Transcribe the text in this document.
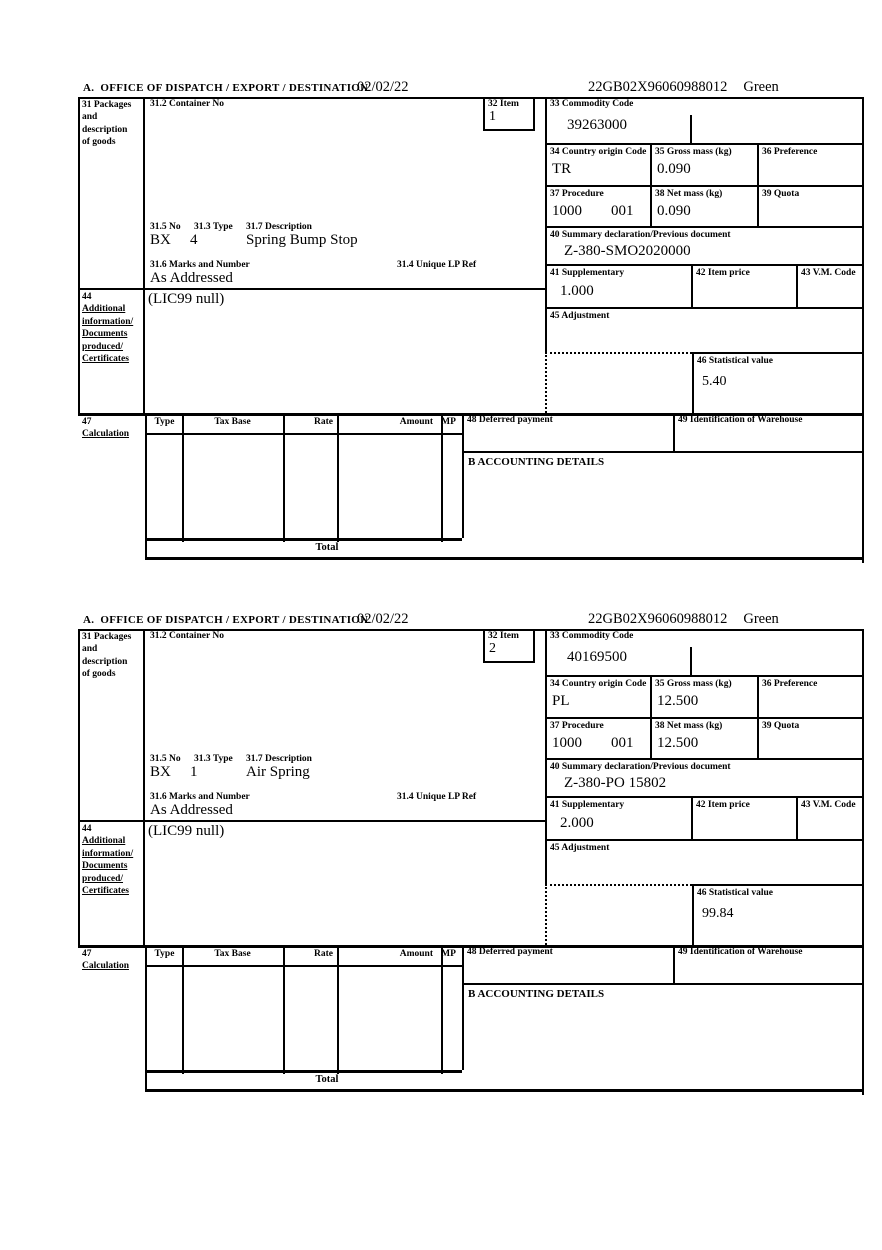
A.  OFFICE OF DISPATCH / EXPORT / DESTINATION
02/02/22	22GB02X96060988012 Green
31 Packages
and
description
of goods
31.2 Container No	32 Item
1
33 Commodity Code
39263000
34 Country origin Code
TR
35 Gross mass (kg)
0.090
36 Preference
37 Procedure
1000 001
38 Net mass (kg)
0.090
39 Quota
31.5 No 31.3 Type 31.7 Description
BX 4	Spring Bump Stop
31.6 Marks and Number	31.4 Unique LP Ref
As Addressed
40 Summary declaration/Previous document
Z-380-SMO2020000
41 Supplementary
1.000
42 Item price	43 V.M. Code
44
Additional
information/
Documents
produced/
Certificates
(LIC99 null)
45 Adjustment
46 Statistical value
5.40
47
Calculation
Type	Tax Base	Rate	Amount MP
Total
48 Deferred payment	49 Identification of Warehouse
B ACCOUNTING DETAILS
A.  OFFICE OF DISPATCH / EXPORT / DESTINATION
02/02/22	22GB02X96060988012 Green
31 Packages
and
description
of goods
31.2 Container No	32 Item
2
33 Commodity Code
40169500
34 Country origin Code
PL
35 Gross mass (kg)
12.500
36 Preference
37 Procedure
1000 001
38 Net mass (kg)
12.500
39 Quota
31.5 No 31.3 Type 31.7 Description
BX 1	Air Spring
31.6 Marks and Number	31.4 Unique LP Ref
As Addressed
40 Summary declaration/Previous document
Z-380-PO 15802
41 Supplementary
2.000
42 Item price	43 V.M. Code
44
Additional
information/
Documents
produced/
Certificates
(LIC99 null)
45 Adjustment
46 Statistical value
99.84
47
Calculation
Type	Tax Base	Rate	Amount MP
Total
48 Deferred payment	49 Identification of Warehouse
B ACCOUNTING DETAILS
